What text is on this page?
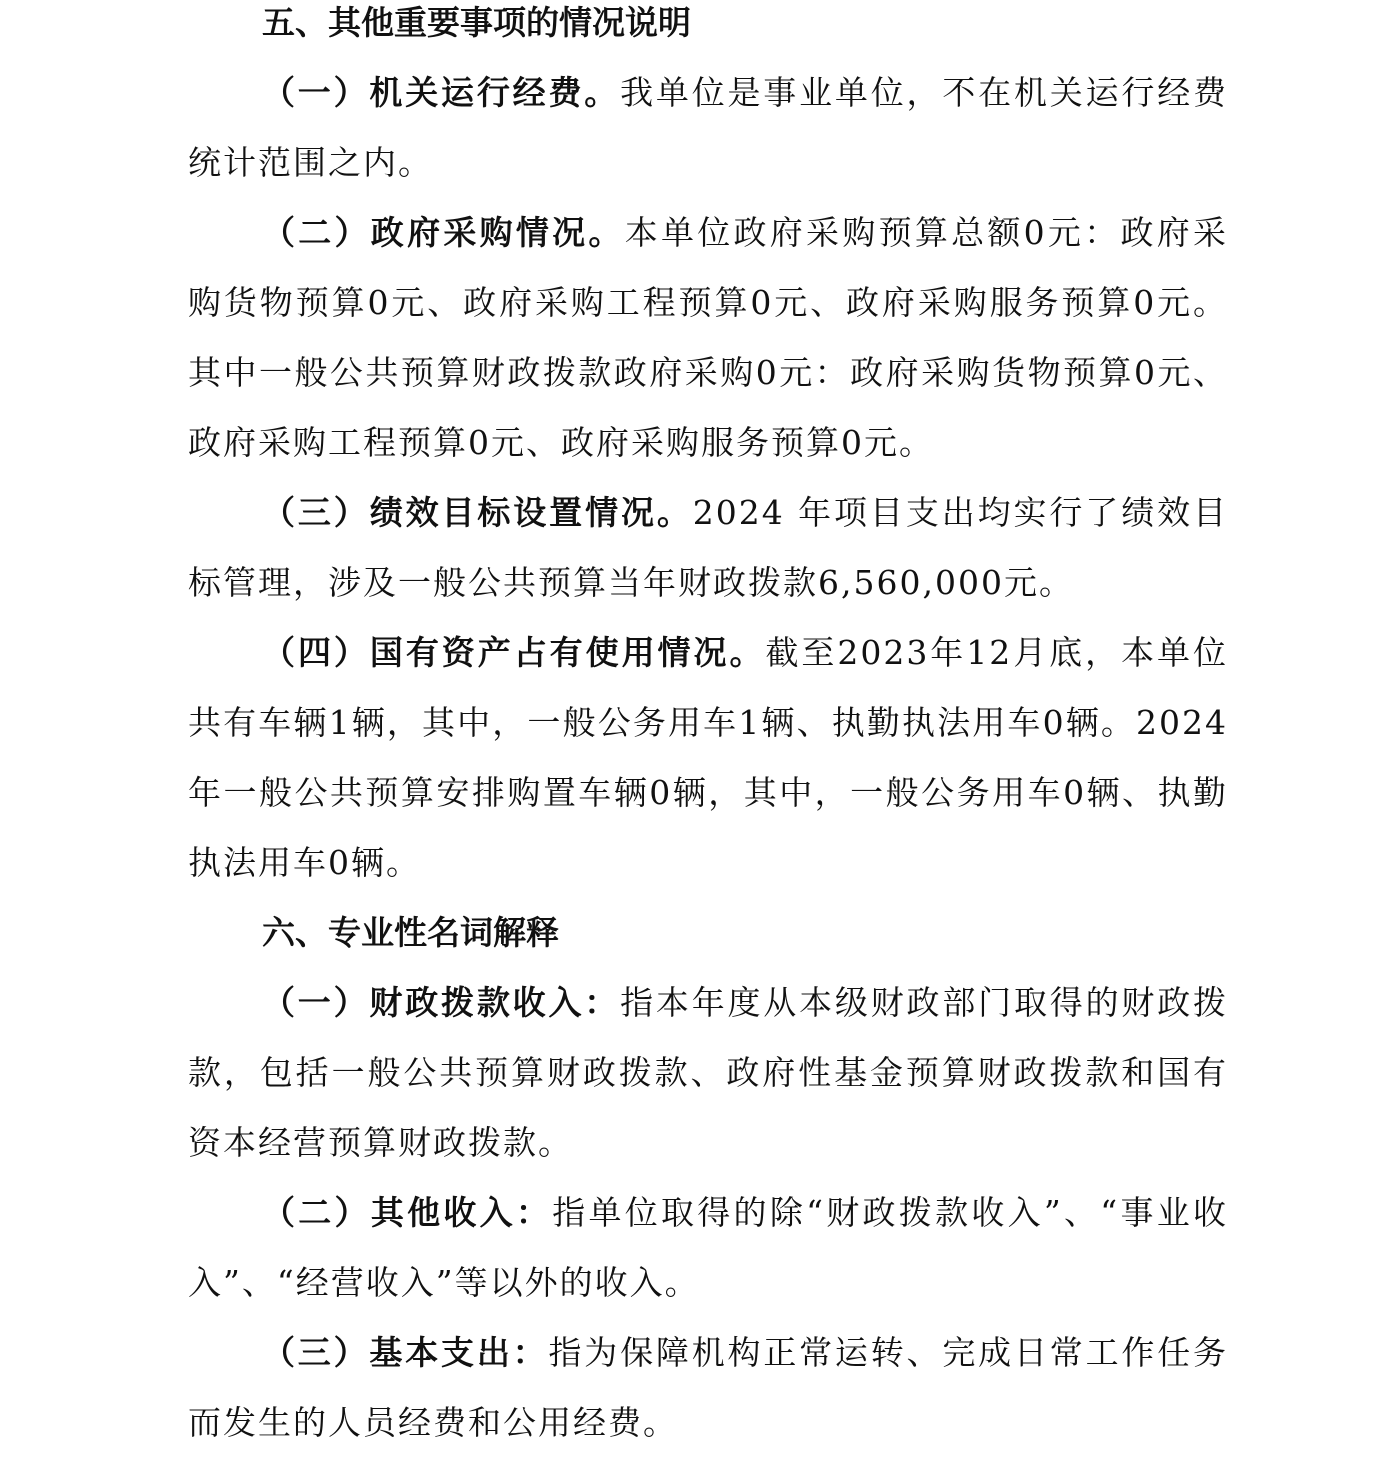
五、其他重要事项的情况说明

（一）机关运行经费。我单位是事业单位，不在机关运行经费统计范围之内。

（二）政府采购情况。本单位政府采购预算总额0元：政府采购货物预算0元、政府采购工程预算0元、政府采购服务预算0元。其中一般公共预算财政拨款政府采购0元：政府采购货物预算0元、政府采购工程预算0元、政府采购服务预算0元。

（三）绩效目标设置情况。2024 年项目支出均实行了绩效目标管理，涉及一般公共预算当年财政拨款6,560,000元。

（四）国有资产占有使用情况。截至2023年12月底，本单位共有车辆1辆，其中，一般公务用车1辆、执勤执法用车0辆。2024年一般公共预算安排购置车辆0辆，其中，一般公务用车0辆、执勤执法用车0辆。

六、专业性名词解释

（一）财政拨款收入：指本年度从本级财政部门取得的财政拨款，包括一般公共预算财政拨款、政府性基金预算财政拨款和国有资本经营预算财政拨款。

（二）其他收入：指单位取得的除“财政拨款收入”、“事业收入”、“经营收入”等以外的收入。

（三）基本支出：指为保障机构正常运转、完成日常工作任务而发生的人员经费和公用经费。
